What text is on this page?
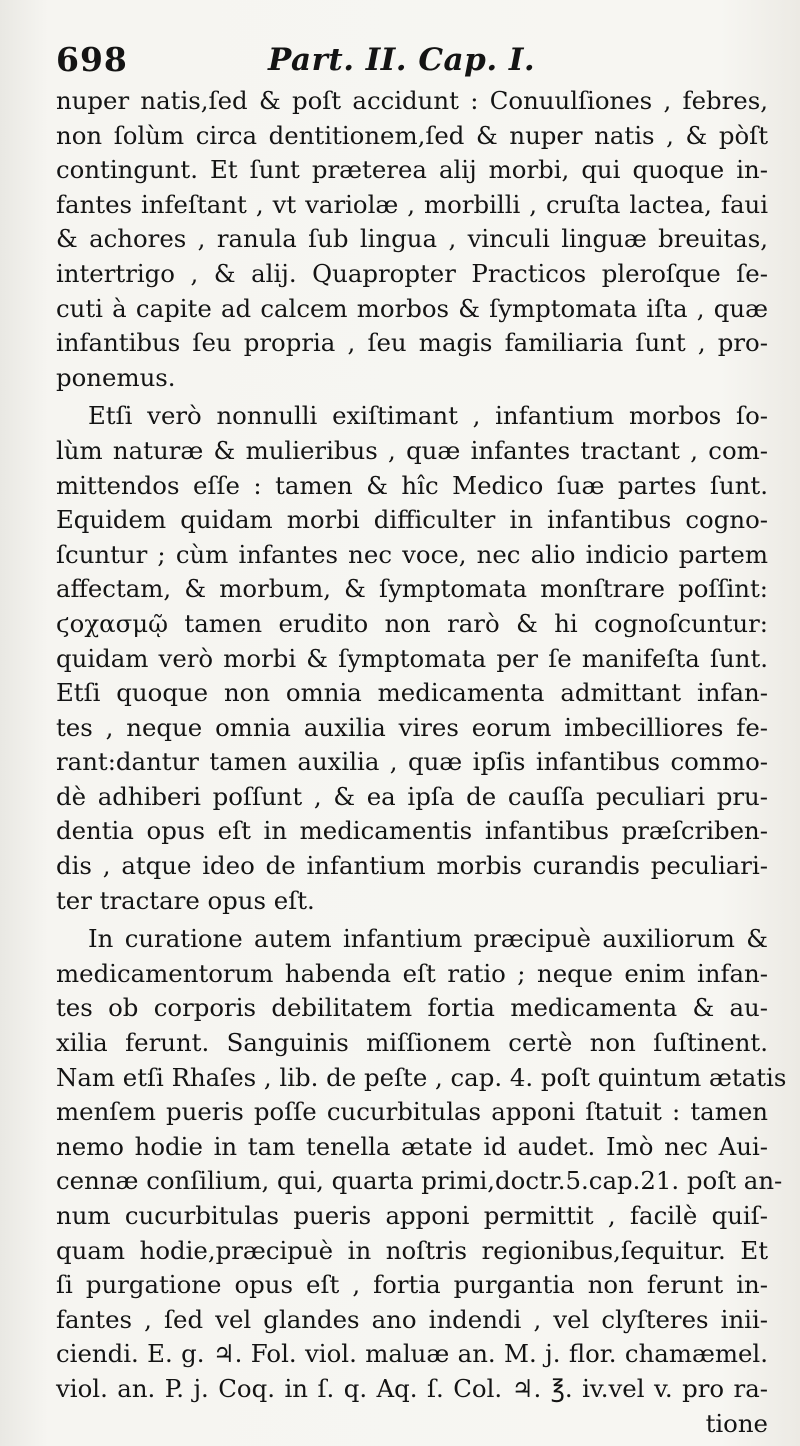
698	Part. II. Cap. I.
nuper natis,ſed & poſt accidunt : Conuulſiones , febres,
non ſolùm circa dentitionem,ſed & nuper natis , & pòſt
contingunt. Et ſunt præterea alij morbi, qui quoque in-
fantes infeſtant , vt variolæ , morbilli , cruſta lactea, faui
& achores , ranula ſub lingua , vinculi linguæ breuitas,
intertrigo , & alij. Quapropter Practicos pleroſque ſe-
cuti à capite ad calcem morbos & ſymptomata iſta , quæ
infantibus ſeu propria , ſeu magis familiaria ſunt , pro-
ponemus.
Etſi verò nonnulli exiſtimant , infantium morbos ſo-
lùm naturæ & mulieribus , quæ infantes tractant , com-
mittendos eſſe : tamen & hîc Medico ſuæ partes ſunt.
Equidem quidam morbi difficulter in infantibus cogno-
ſcuntur ; cùm infantes nec voce, nec alio indicio partem
affectam, & morbum, & ſymptomata monſtrare poſſint:
ϛοχασμῷ tamen erudito non rarò & hi cognoſcuntur:
quidam verò morbi & ſymptomata per ſe manifeſta ſunt.
Etſi quoque non omnia medicamenta admittant infan-
tes , neque omnia auxilia vires eorum imbecilliores fe-
rant:dantur tamen auxilia , quæ ipſis infantibus commo-
dè adhiberi poſſunt , & ea ipſa de cauſſa peculiari pru-
dentia opus eſt in medicamentis infantibus præſcriben-
dis , atque ideo de infantium morbis curandis peculiari-
ter tractare opus eſt.
In curatione autem infantium præcipuè auxiliorum &
medicamentorum habenda eſt ratio ; neque enim infan-
tes ob corporis debilitatem fortia medicamenta & au-
xilia ferunt. Sanguinis miſſionem certè non ſuſtinent.
Nam etſi Rhaſes , lib. de peſte , cap. 4. poſt quintum ætatis
menſem pueris poſſe cucurbitulas apponi ſtatuit : tamen
nemo hodie in tam tenella ætate id audet. Imò nec Aui-
cennæ conſilium, qui, quarta primi,doctr.5.cap.21. poſt an-
num cucurbitulas pueris apponi permittit , facilè quiſ-
quam hodie,præcipuè in noſtris regionibus,ſequitur. Et
ſi purgatione opus eſt , fortia purgantia non ferunt in-
fantes , ſed vel glandes ano indendi , vel clyſteres inii-
ciendi. E. g. ♃. Fol. viol. maluæ an. M. j. flor. chamæmel.
viol. an. P. j. Coq. in ſ. q. Aq. ſ. Col. ♃. ℥. iv.vel v. pro ra-
tione
